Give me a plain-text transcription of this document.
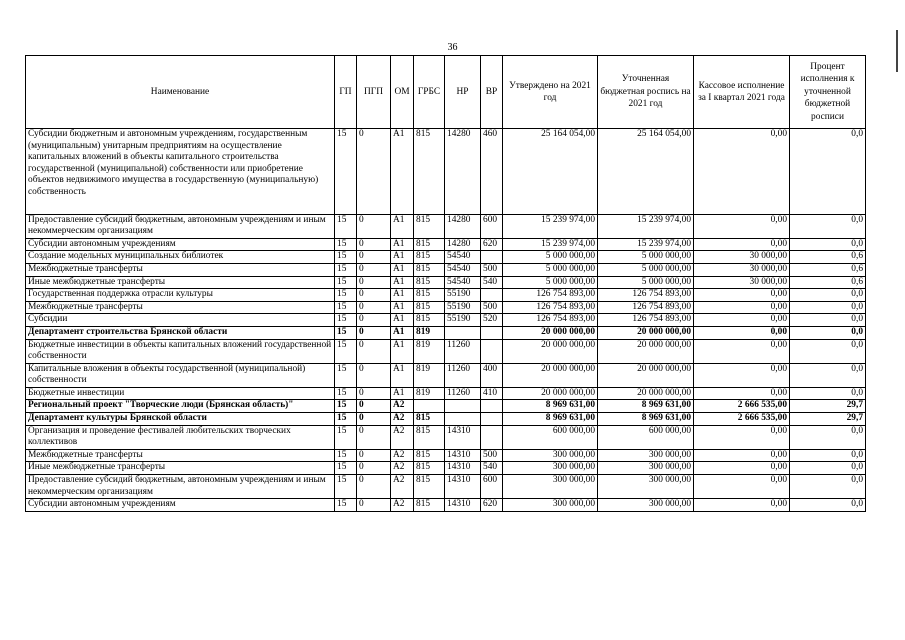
36
Наименование	ГП	ПГП	ОМ	ГРБС	НР	ВР	Утверждено на 2021 год	Уточненная бюджетная роспись на 2021 год	Кассовое исполнение за I квартал 2021 года	Процент исполнения к уточненной бюджетной росписи
Субсидии бюджетным и автономным учреждениям, государственным (муниципальным) унитарным предприятиям на осуществление капитальных вложений в объекты капитального строительства государственной (муниципальной) собственности или приобретение объектов недвижимого имущества в государственную (муниципальную) собственность	15	0	А1	815	14280	460	25 164 054,00	25 164 054,00	0,00	0,0
Предоставление субсидий бюджетным, автономным учреждениям и иным некоммерческим организациям	15	0	А1	815	14280	600	15 239 974,00	15 239 974,00	0,00	0,0
Субсидии автономным учреждениям	15	0	А1	815	14280	620	15 239 974,00	15 239 974,00	0,00	0,0
Создание модельных муниципальных библиотек	15	0	А1	815	54540		5 000 000,00	5 000 000,00	30 000,00	0,6
Межбюджетные трансферты	15	0	А1	815	54540	500	5 000 000,00	5 000 000,00	30 000,00	0,6
Иные межбюджетные трансферты	15	0	А1	815	54540	540	5 000 000,00	5 000 000,00	30 000,00	0,6
Государственная поддержка отрасли культуры	15	0	А1	815	55190		126 754 893,00	126 754 893,00	0,00	0,0
Межбюджетные трансферты	15	0	А1	815	55190	500	126 754 893,00	126 754 893,00	0,00	0,0
Субсидии	15	0	А1	815	55190	520	126 754 893,00	126 754 893,00	0,00	0,0
Департамент строительства Брянской области	15	0	А1	819			20 000 000,00	20 000 000,00	0,00	0,0
Бюджетные инвестиции в объекты капитальных вложений государственной собственности	15	0	А1	819	11260		20 000 000,00	20 000 000,00	0,00	0,0
Капитальные вложения в объекты государственной (муниципальной) собственности	15	0	А1	819	11260	400	20 000 000,00	20 000 000,00	0,00	0,0
Бюджетные инвестиции	15	0	А1	819	11260	410	20 000 000,00	20 000 000,00	0,00	0,0
Региональный проект "Творческие люди (Брянская область)"	15	0	А2				8 969 631,00	8 969 631,00	2 666 535,00	29,7
Департамент культуры Брянской области	15	0	А2	815			8 969 631,00	8 969 631,00	2 666 535,00	29,7
Организация и проведение фестивалей любительских творческих коллективов	15	0	А2	815	14310		600 000,00	600 000,00	0,00	0,0
Межбюджетные трансферты	15	0	А2	815	14310	500	300 000,00	300 000,00	0,00	0,0
Иные межбюджетные трансферты	15	0	А2	815	14310	540	300 000,00	300 000,00	0,00	0,0
Предоставление субсидий бюджетным, автономным учреждениям и иным некоммерческим организациям	15	0	А2	815	14310	600	300 000,00	300 000,00	0,00	0,0
Субсидии автономным учреждениям	15	0	А2	815	14310	620	300 000,00	300 000,00	0,00	0,0
